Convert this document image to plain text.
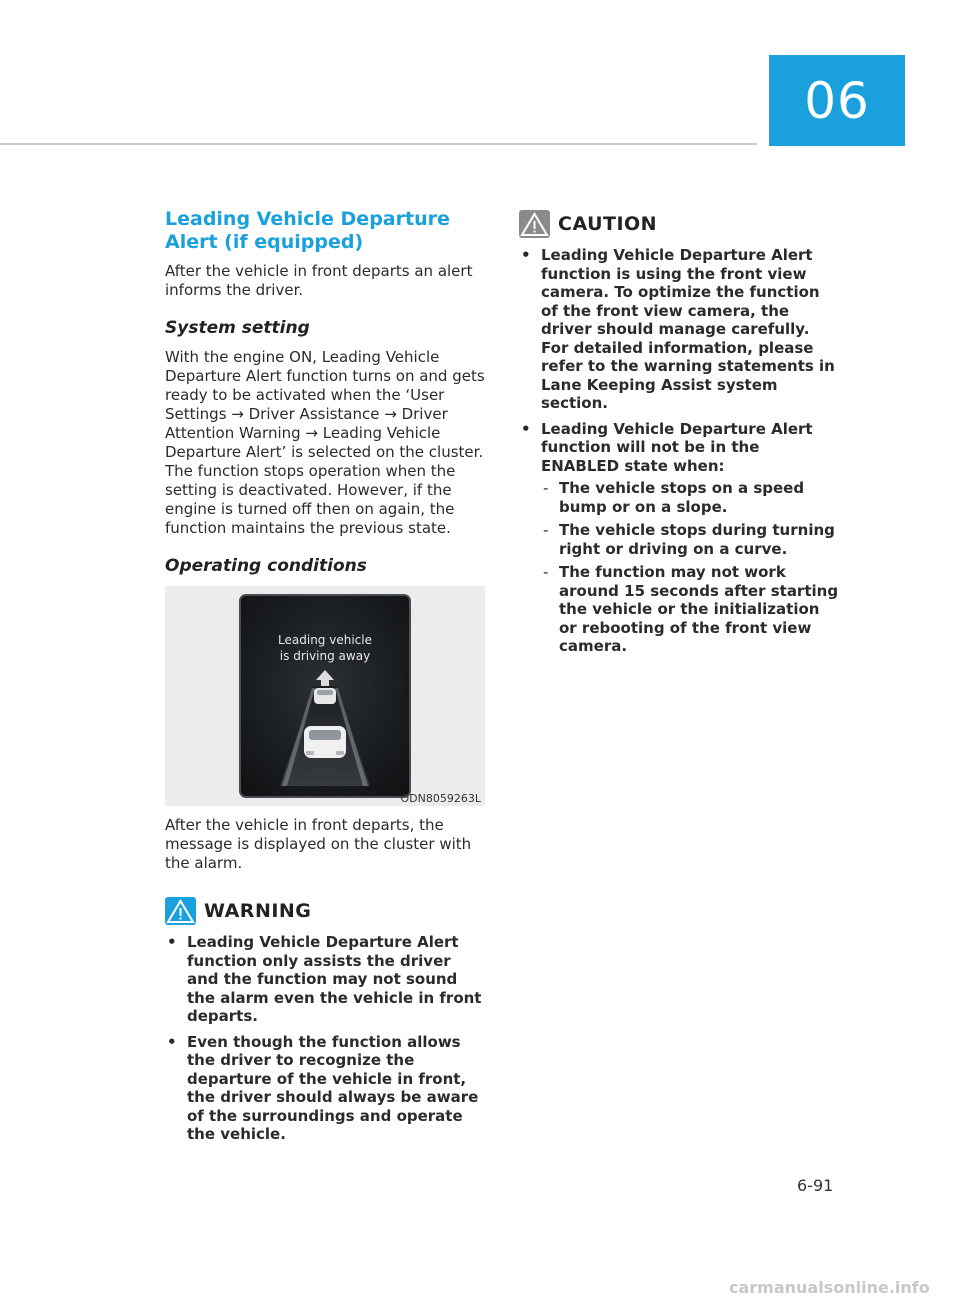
06
Leading Vehicle Departure Alert (if equipped)

After the vehicle in front departs an alert informs the driver.

System setting

With the engine ON, Leading Vehicle Departure Alert function turns on and gets ready to be activated when the ‘User Settings → Driver Assistance → Driver Attention Warning → Leading Vehicle Departure Alert’ is selected on the cluster. The function stops operation when the setting is deactivated. However, if the engine is turned off then on again, the function maintains the previous state.

Operating conditions
Leading vehicle
is driving away
ODN8059263L

After the vehicle in front departs, the message is displayed on the cluster with the alarm.

WARNING
• Leading Vehicle Departure Alert function only assists the driver and the function may not sound the alarm even the vehicle in front departs.
• Even though the function allows the driver to recognize the departure of the vehicle in front, the driver should always be aware of the surroundings and operate the vehicle.
CAUTION
• Leading Vehicle Departure Alert function is using the front view camera. To optimize the function of the front view camera, the driver should manage carefully. For detailed information, please refer to the warning statements in Lane Keeping Assist system section.
• Leading Vehicle Departure Alert function will not be in the ENABLED state when:
- The vehicle stops on a speed bump or on a slope.
- The vehicle stops during turning right or driving on a curve.
- The function may not work around 15 seconds after starting the vehicle or the initialization or rebooting of the front view camera.
6-91
carmanualsonline.info
